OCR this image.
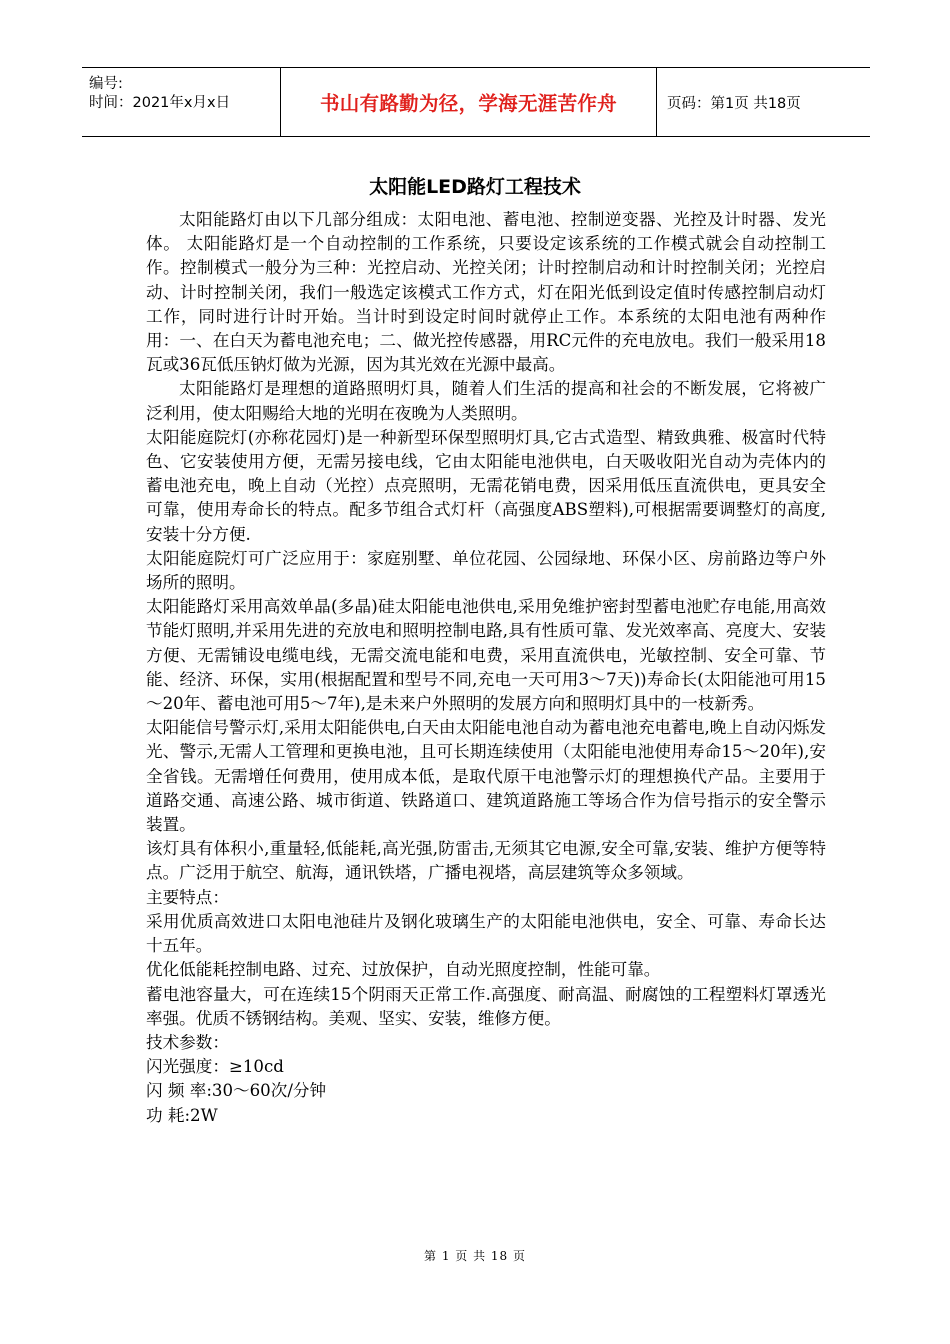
编号:
时间：2021年x月x日	书山有路勤为径，学海无涯苦作舟	页码：第1页 共18页
太阳能LED路灯工程技术

太阳能路灯由以下几部分组成：太阳电池、蓄电池、控制逆变器、光控及计时器、发光体。 太阳能路灯是一个自动控制的工作系统，只要设定该系统的工作模式就会自动控制工作。控制模式一般分为三种：光控启动、光控关闭；计时控制启动和计时控制关闭；光控启动、计时控制关闭，我们一般选定该模式工作方式，灯在阳光低到设定值时传感控制启动灯工作，同时进行计时开始。当计时到设定时间时就停止工作。本系统的太阳电池有两种作用：一、在白天为蓄电池充电；二、做光控传感器，用RC元件的充电放电。我们一般采用18瓦或36瓦低压钠灯做为光源，因为其光效在光源中最高。

太阳能路灯是理想的道路照明灯具，随着人们生活的提高和社会的不断发展，它将被广泛利用，使太阳赐给大地的光明在夜晚为人类照明。

太阳能庭院灯(亦称花园灯)是一种新型环保型照明灯具,它古式造型、精致典雅、极富时代特色、它安装使用方便，无需另接电线，它由太阳能电池供电，白天吸收阳光自动为壳体内的蓄电池充电，晚上自动（光控）点亮照明，无需花销电费，因采用低压直流供电，更具安全可靠，使用寿命长的特点。配多节组合式灯杆（高强度ABS塑料),可根据需要调整灯的高度,安装十分方便.

太阳能庭院灯可广泛应用于：家庭别墅、单位花园、公园绿地、环保小区、房前路边等户外场所的照明。

太阳能路灯采用高效单晶(多晶)硅太阳能电池供电,采用免维护密封型蓄电池贮存电能,用高效节能灯照明,并采用先进的充放电和照明控制电路,具有性质可靠、发光效率高、亮度大、安装方便、无需铺设电缆电线，无需交流电能和电费，采用直流供电，光敏控制、安全可靠、节能、经济、环保，实用(根据配置和型号不同,充电一天可用3～7天))寿命长(太阳能池可用15～20年、蓄电池可用5～7年),是未来户外照明的发展方向和照明灯具中的一枝新秀。

太阳能信号警示灯,采用太阳能供电,白天由太阳能电池自动为蓄电池充电蓄电,晚上自动闪烁发光、警示,无需人工管理和更换电池，且可长期连续使用（太阳能电池使用寿命15～20年),安全省钱。无需增任何费用，使用成本低，是取代原干电池警示灯的理想换代产品。主要用于道路交通、高速公路、城市街道、铁路道口、建筑道路施工等场合作为信号指示的安全警示装置。

该灯具有体积小,重量轻,低能耗,高光强,防雷击,无须其它电源,安全可靠,安装、维护方便等特点。广泛用于航空、航海，通讯铁塔，广播电视塔，高层建筑等众多领域。

主要特点：

采用优质高效进口太阳电池硅片及钢化玻璃生产的太阳能电池供电，安全、可靠、寿命长达十五年。

优化低能耗控制电路、过充、过放保护，自动光照度控制，性能可靠。

蓄电池容量大，可在连续15个阴雨天正常工作.高强度、耐高温、耐腐蚀的工程塑料灯罩透光率强。优质不锈钢结构。美观、坚实、安装，维修方便。

技术参数：

闪光强度：≥10cd

闪 频 率:30～60次/分钟

功 耗:2W

第 1 页 共 18 页
